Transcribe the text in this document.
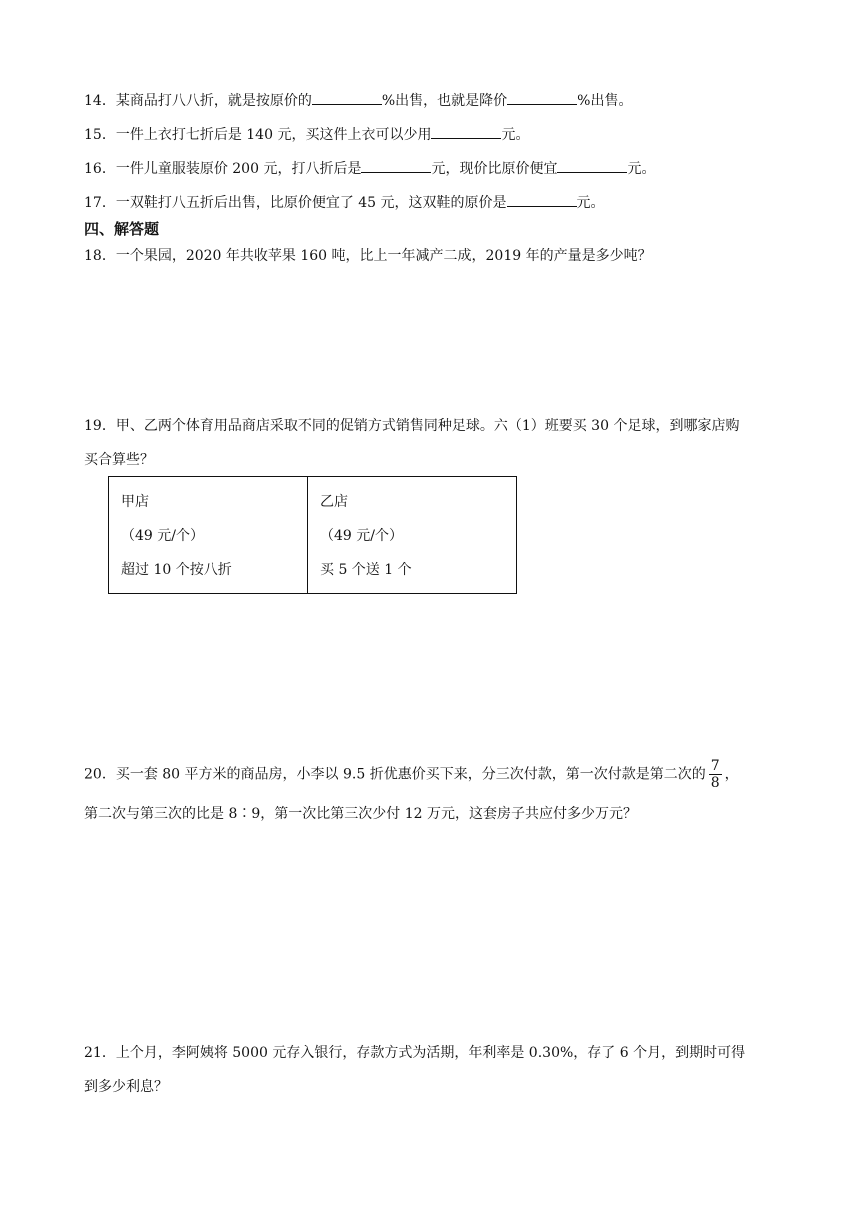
14．某商品打八八折，就是按原价的	%出售，也就是降价	%出售。
15．一件上衣打七折后是 140 元，买这件上衣可以少用	元。
16．一件儿童服装原价 200 元，打八折后是	元，现价比原价便宜	元。
17．一双鞋打八五折后出售，比原价便宜了 45 元，这双鞋的原价是	元。
四、解答题
18．一个果园，2020 年共收苹果 160 吨，比上一年减产二成，2019 年的产量是多少吨？
19．甲、乙两个体育用品商店采取不同的促销方式销售同种足球。六（1）班要买 30 个足球，到哪家店购
买合算些？
甲店
（49 元/个）
超过 10 个按八折

乙店
（49 元/个）
买 5 个送 1 个
20．买一套 80 平方米的商品房，小李以 9.5 折优惠价买下来，分三次付款，第一次付款是第二次的 $\frac{7}{8}$ ，
第二次与第三次的比是 8∶9，第一次比第三次少付 12 万元，这套房子共应付多少万元？
21．上个月，李阿姨将 5000 元存入银行，存款方式为活期，年利率是 0.30%，存了 6 个月，到期时可得
到多少利息？
